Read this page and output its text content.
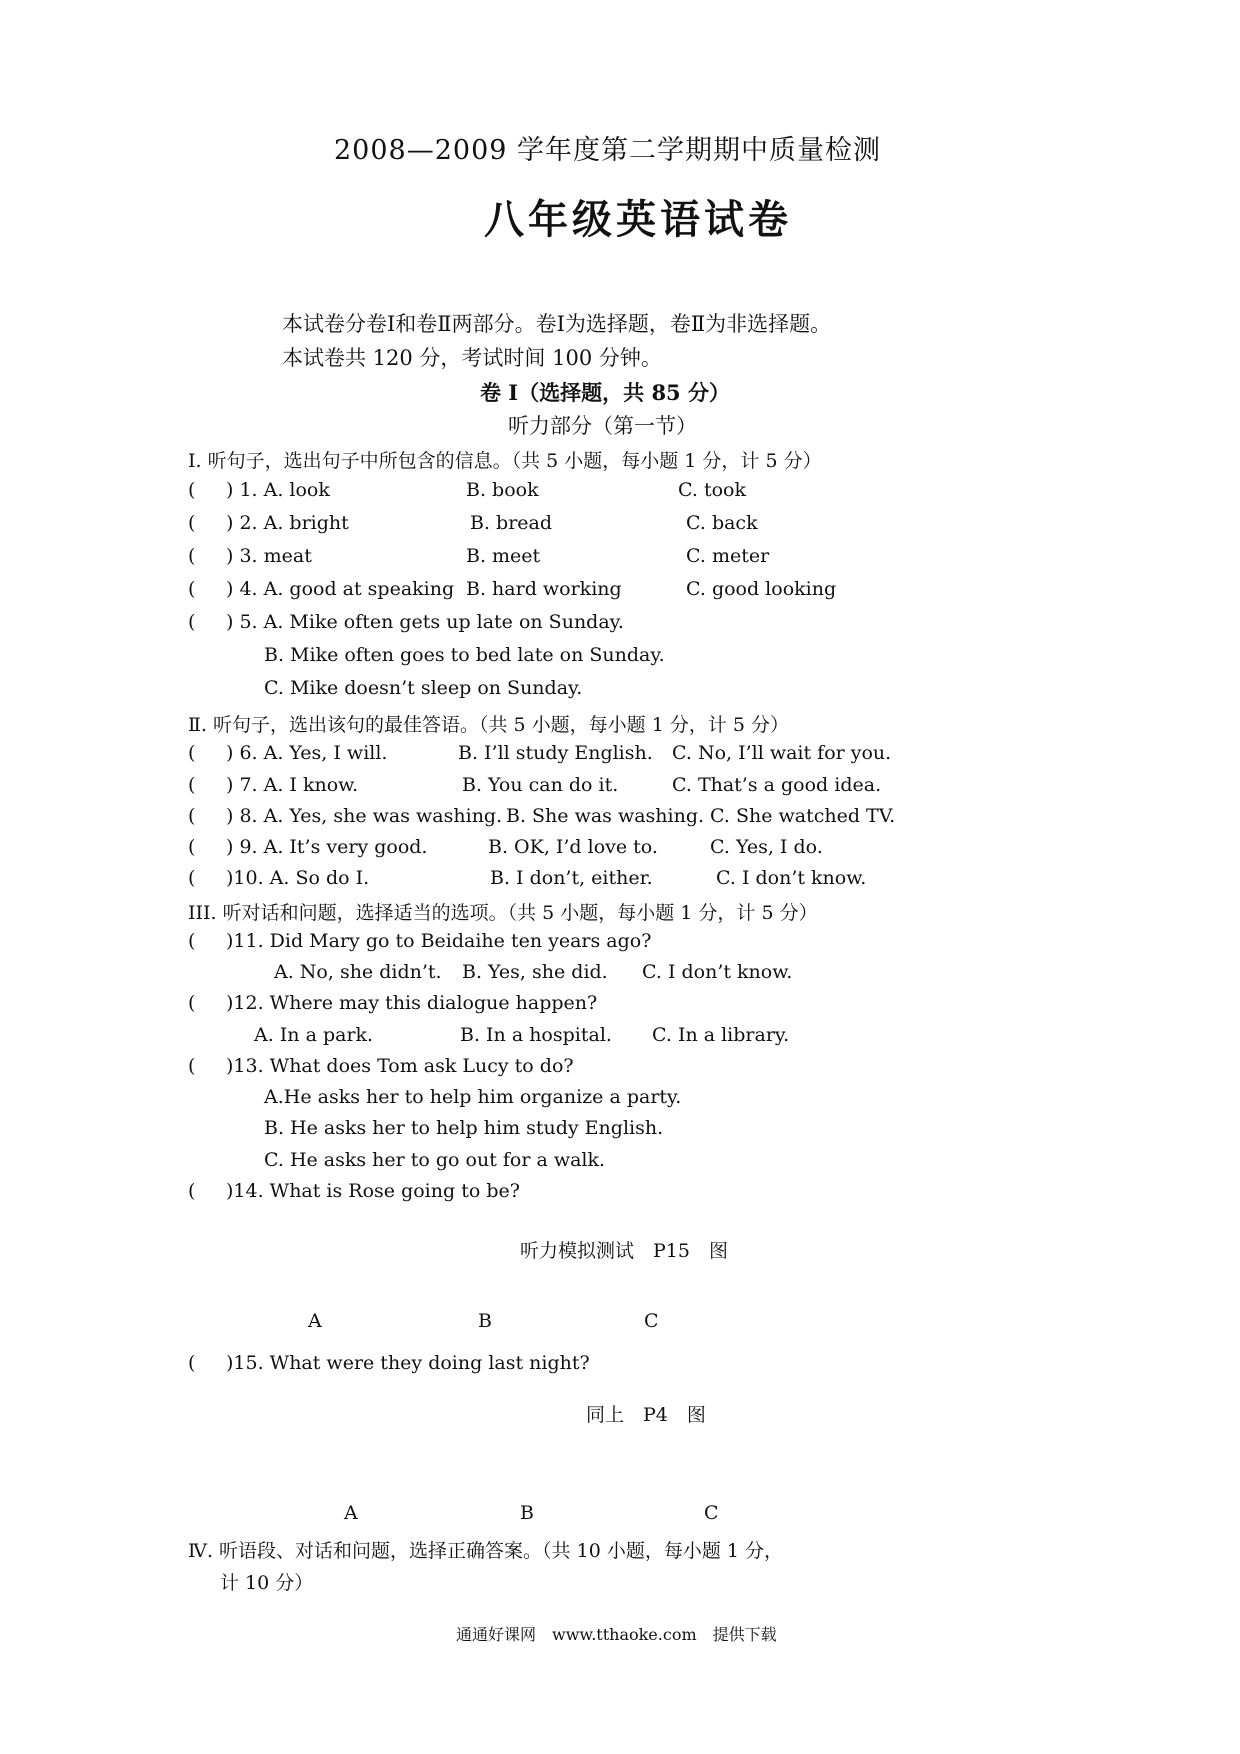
2008—2009 学年度第二学期期中质量检测
八年级英语试卷
本试卷分卷Ⅰ和卷Ⅱ两部分。卷Ⅰ为选择题，卷Ⅱ为非选择题。
本试卷共 120 分，考试时间 100 分钟。
卷 I（选择题，共 85 分）
听力部分（第一节）
Ⅰ. 听句子，选出句子中所包含的信息。（共 5 小题，每小题 1 分，计 5 分）
( ) 1. A. look	B. book	C. took
( ) 2. A. bright	B. bread	C. back
( ) 3. meat	B. meet	C. meter
( ) 4. A. good at speaking B. hard working	C. good looking
( ) 5. A. Mike often gets up late on Sunday.
B. Mike often goes to bed late on Sunday.
C. Mike doesn’t sleep on Sunday.
Ⅱ. 听句子，选出该句的最佳答语。（共 5 小题，每小题 1 分，计 5 分）
( ) 6. A. Yes, I will.	B. I’ll study English. C. No, I’ll wait for you.
( ) 7. A. I know.	B. You can do it.	C. That’s a good idea.
( ) 8. A. Yes, she was washing. B. She was washing. C. She watched TV.
( ) 9. A. It’s very good.	B. OK, I’d love to.	C. Yes, I do.
( )10. A. So do I.	B. I don’t, either.	C. I don’t know.
III. 听对话和问题，选择适当的选项。（共 5 小题，每小题 1 分，计 5 分）
( )11. Did Mary go to Beidaihe ten years ago?
A. No, she didn’t. B. Yes, she did. C. I don’t know.
( )12. Where may this dialogue happen?
A. In a park.	B. In a hospital. C. In a library.
( )13. What does Tom ask Lucy to do?
A.He asks her to help him organize a party.
B. He asks her to help him study English.
C. He asks her to go out for a walk.
( )14. What is Rose going to be?
听力模拟测试　P15　图
A	B	C
( )15. What were they doing last night?
同上　P4　图
A	B	C
Ⅳ. 听语段、对话和问题，选择正确答案。（共 10 小题，每小题 1 分，
计 10 分）
通通好课网　www.tthaoke.com　提供下载
